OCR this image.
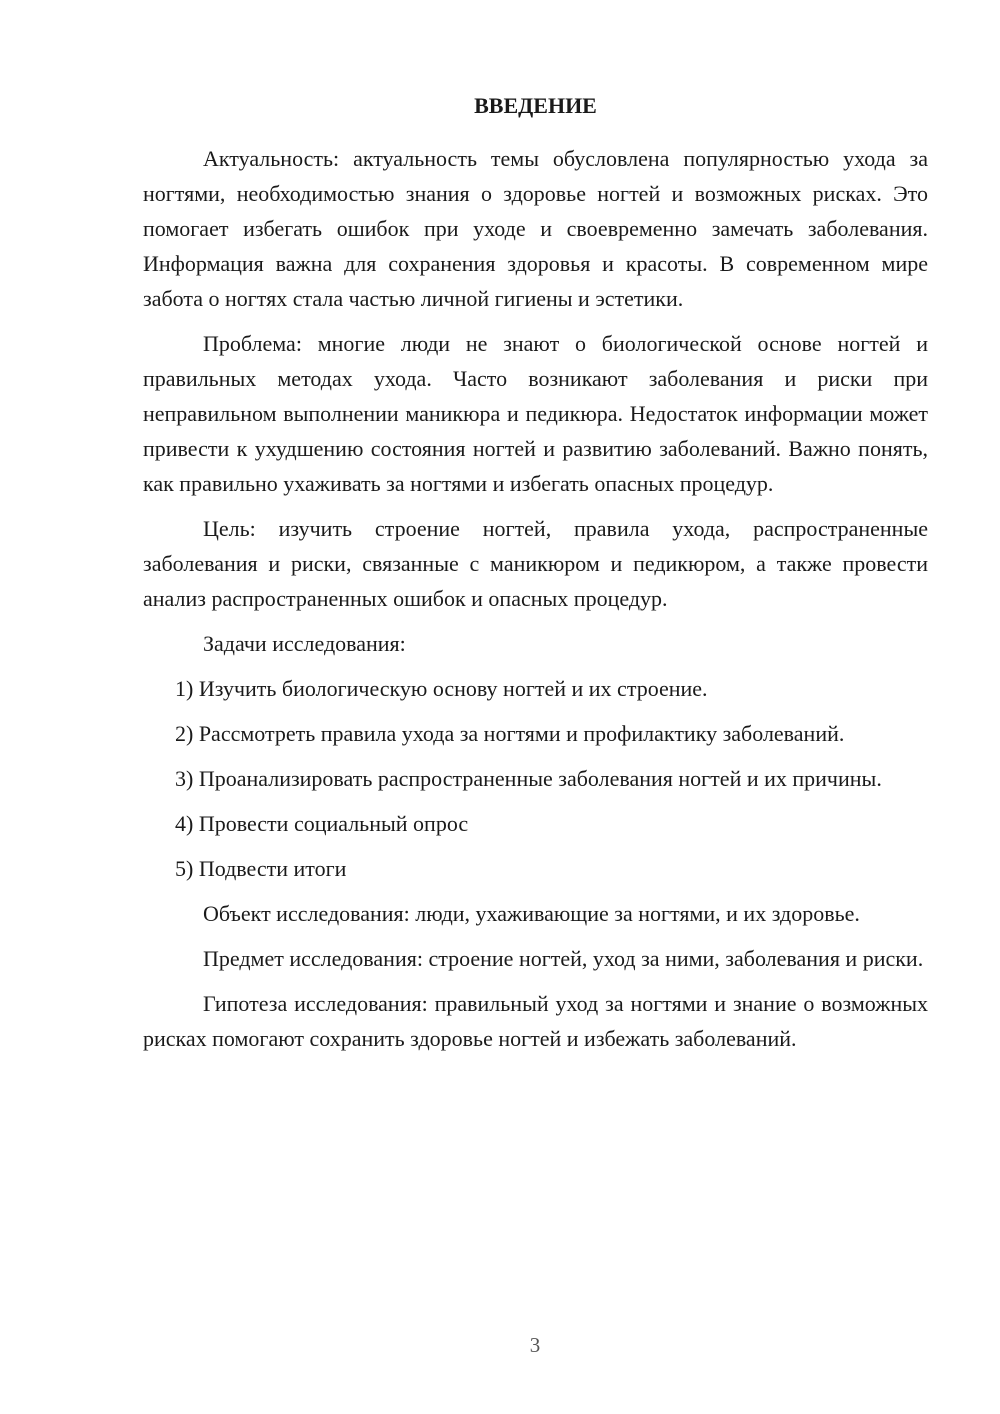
ВВЕДЕНИЕ

Актуальность: актуальность темы обусловлена популярностью ухода за ногтями, необходимостью знания о здоровье ногтей и возможных рисках. Это помогает избегать ошибок при уходе и своевременно замечать заболевания. Информация важна для сохранения здоровья и красоты. В современном мире забота о ногтях стала частью личной гигиены и эстетики.

Проблема: многие люди не знают о биологической основе ногтей и правильных методах ухода. Часто возникают заболевания и риски при неправильном выполнении маникюра и педикюра. Недостаток информации может привести к ухудшению состояния ногтей и развитию заболеваний. Важно понять, как правильно ухаживать за ногтями и избегать опасных процедур.

Цель: изучить строение ногтей, правила ухода, распространенные заболевания и риски, связанные с маникюром и педикюром, а также провести анализ распространенных ошибок и опасных процедур.

Задачи исследования:

1) Изучить биологическую основу ногтей и их строение.

2) Рассмотреть правила ухода за ногтями и профилактику заболеваний.

3) Проанализировать распространенные заболевания ногтей и их причины.

4) Провести социальный опрос

5) Подвести итоги

Объект исследования: люди, ухаживающие за ногтями, и их здоровье.

Предмет исследования: строение ногтей, уход за ними, заболевания и риски.

Гипотеза исследования: правильный уход за ногтями и знание о возможных рисках помогают сохранить здоровье ногтей и избежать заболеваний.

3
